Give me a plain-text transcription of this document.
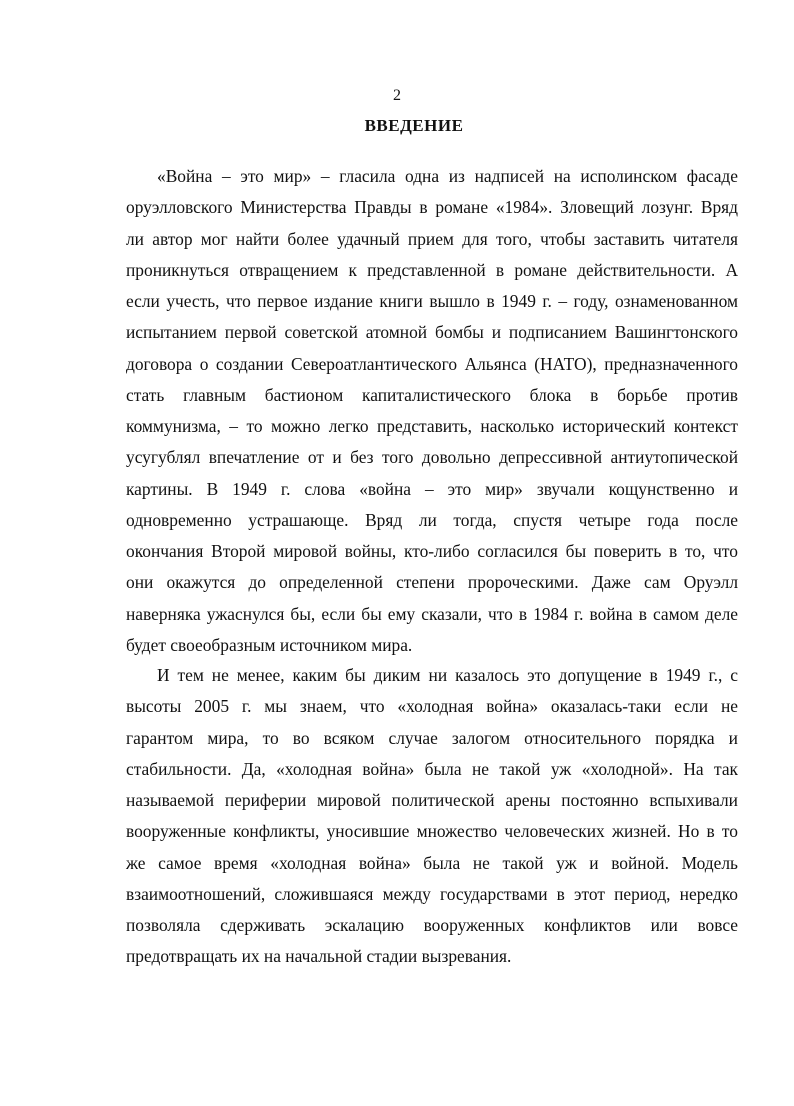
2
ВВЕДЕНИЕ
«Война – это мир» – гласила одна из надписей на исполинском фасаде
оруэлловского Министерства Правды в романе «1984». Зловещий лозунг. Вряд
ли автор мог найти более удачный прием для того, чтобы заставить читателя
проникнуться отвращением к представленной в романе действительности. А
если учесть, что первое издание книги вышло в 1949 г. – году, ознаменованном
испытанием первой советской атомной бомбы и подписанием Вашингтонского
договора о создании Североатлантического Альянса (НАТО), предназначенного
стать главным бастионом капиталистического блока в борьбе против
коммунизма, – то можно легко представить, насколько исторический контекст
усугублял впечатление от и без того довольно депрессивной антиутопической
картины. В 1949 г. слова «война – это мир» звучали кощунственно и
одновременно устрашающе. Вряд ли тогда, спустя четыре года после
окончания Второй мировой войны, кто-либо согласился бы поверить в то, что
они окажутся до определенной степени пророческими. Даже сам Оруэлл
наверняка ужаснулся бы, если бы ему сказали, что в 1984 г. война в самом деле
будет своеобразным источником мира.
И тем не менее, каким бы диким ни казалось это допущение в 1949 г., с
высоты 2005 г. мы знаем, что «холодная война» оказалась-таки если не
гарантом мира, то во всяком случае залогом относительного порядка и
стабильности. Да, «холодная война» была не такой уж «холодной». На так
называемой периферии мировой политической арены постоянно вспыхивали
вооруженные конфликты, уносившие множество человеческих жизней. Но в то
же самое время «холодная война» была не такой уж и войной. Модель
взаимоотношений, сложившаяся между государствами в этот период, нередко
позволяла сдерживать эскалацию вооруженных конфликтов или вовсе
предотвращать их на начальной стадии вызревания.
